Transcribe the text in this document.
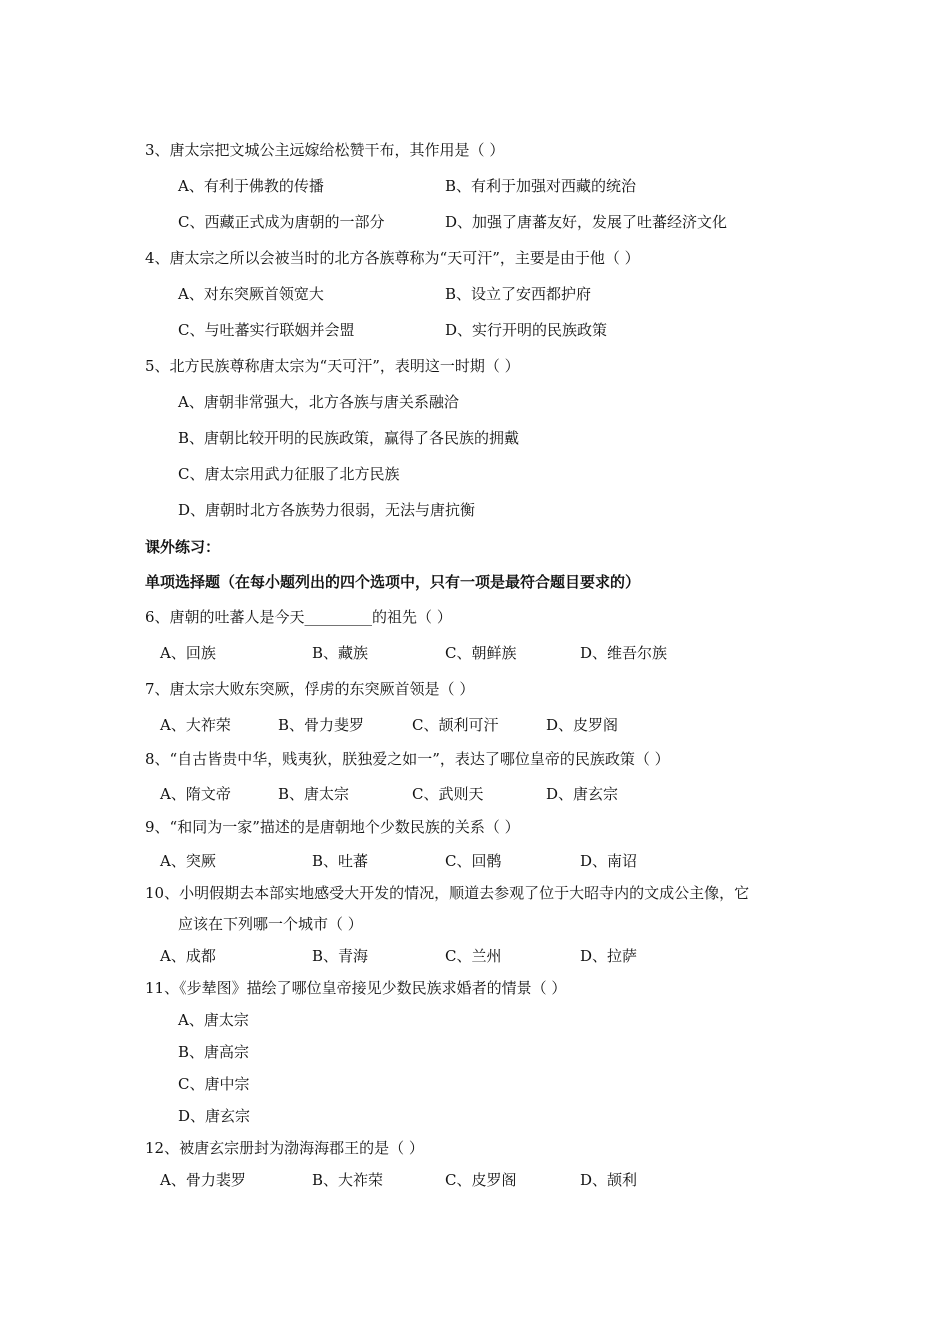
3、唐太宗把文城公主远嫁给松赞干布，其作用是（ ）
A、有利于佛教的传播	B、有利于加强对西藏的统治
C、西藏正式成为唐朝的一部分	D、加强了唐蕃友好，发展了吐蕃经济文化
4、唐太宗之所以会被当时的北方各族尊称为“天可汗”，主要是由于他（ ）
A、对东突厥首领宽大	B、设立了安西都护府
C、与吐蕃实行联姻并会盟	D、实行开明的民族政策
5、北方民族尊称唐太宗为“天可汗”，表明这一时期（ ）
A、唐朝非常强大，北方各族与唐关系融洽
B、唐朝比较开明的民族政策，赢得了各民族的拥戴
C、唐太宗用武力征服了北方民族
D、唐朝时北方各族势力很弱，无法与唐抗衡
课外练习：
单项选择题（在每小题列出的四个选项中，只有一项是最符合题目要求的）
6、唐朝的吐蕃人是今天_________的祖先（ ）
A、回族	B、藏族	C、朝鲜族	D、维吾尔族
7、唐太宗大败东突厥，俘虏的东突厥首领是（ ）
A、大祚荣	B、骨力斐罗	C、颉利可汗	D、皮罗阁
8、“自古皆贵中华，贱夷狄，朕独爱之如一”，表达了哪位皇帝的民族政策（ ）
A、隋文帝	B、唐太宗	C、武则天	D、唐玄宗
9、“和同为一家”描述的是唐朝地个少数民族的关系（ ）
A、突厥	B、吐蕃	C、回鹘	D、南诏
10、小明假期去本部实地感受大开发的情况，顺道去参观了位于大昭寺内的文成公主像，它
应该在下列哪一个城市（ ）
A、成都	B、青海	C、兰州	D、拉萨
11、《步辇图》描绘了哪位皇帝接见少数民族求婚者的情景（ ）
A、唐太宗
B、唐高宗
C、唐中宗
D、唐玄宗
12、被唐玄宗册封为渤海海郡王的是（ ）
A、骨力裴罗	B、大祚荣	C、皮罗阁	D、颉利
